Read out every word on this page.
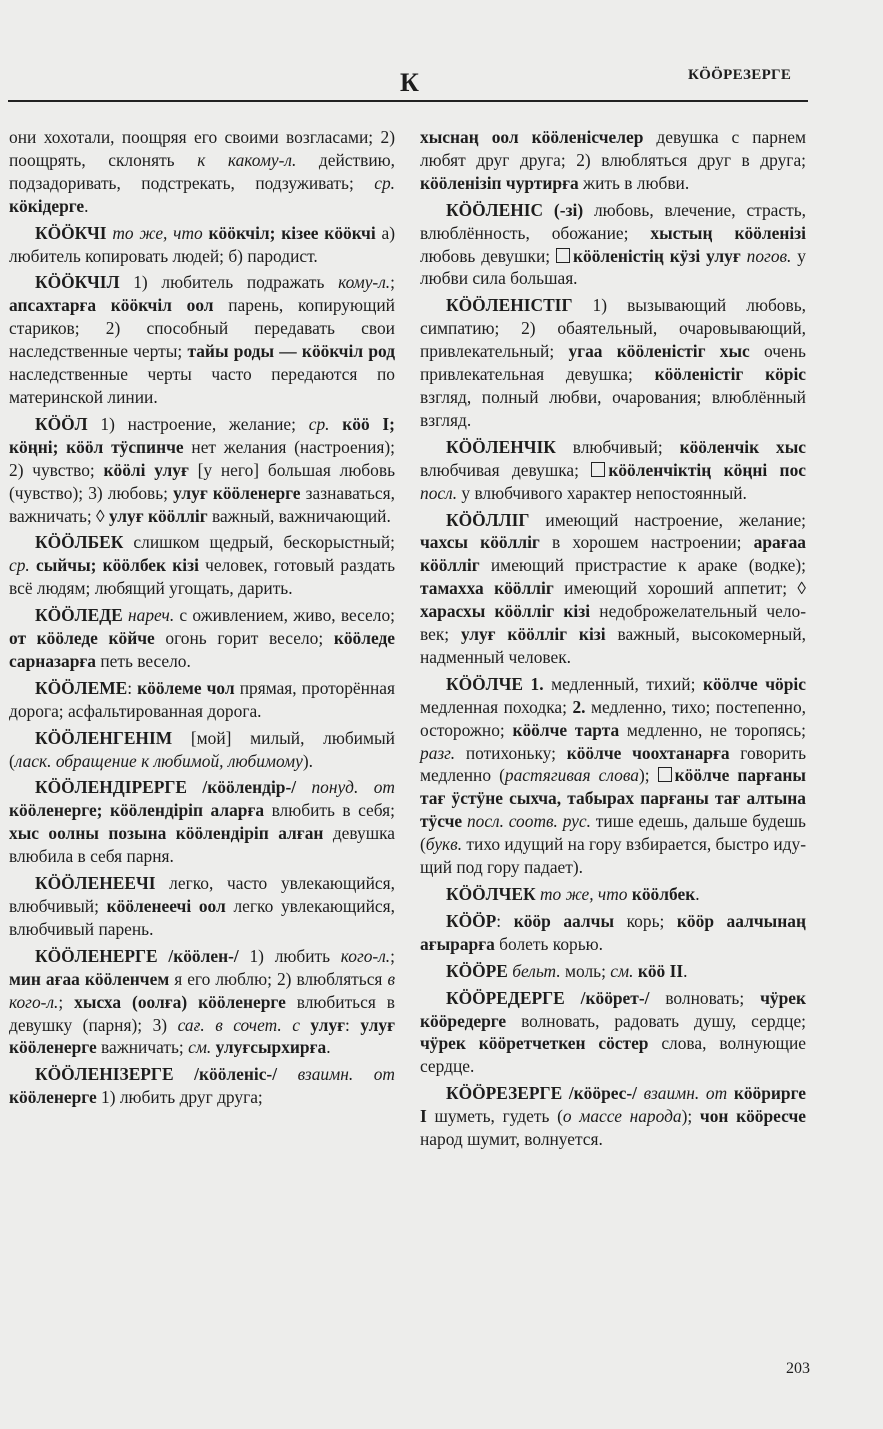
К	КӦӦРЕЗЕРГЕ

они хохотали, поощряя его своими возгласами; 2) поощрять, склонять к какому-л. действию, подзадоривать, подстрекать, подзуживать; ср. кӧкідерге.

КӦӦКЧІ то же, что кӧӧкчіл; кізее кӧӧкчі а) любитель копировать людей; б) пародист.

КӦӦКЧІЛ 1) любитель подражать кому-л.; апсахтарға кӧӧкчіл оол парень, копирующий стариков; 2) способный передавать свои наследственные черты; тайы роды — кӧӧкчіл род наследственные черты часто передаются по материнской линии.

КӦӦЛ 1) настроение, желание; ср. кӧӧ I; кӧңнi; кӧӧл тӱспинче нет желания (настроения); 2) чувство; кӧӧлі улуғ [у него] большая любовь (чувство); 3) любовь; улуғ кӧӧленерге зазнаваться, важничать; ◊ улуғ кӧӧлліг важный, важничающий.

КӦӦЛБЕК слишком щедрый, бескорыстный; ср. сыйчы; кӧӧлбек кізі человек, готовый раздать всё людям; любящий угощать, дарить.

КӦӦЛЕДЕ нареч. с оживлением, живо, весело; от кӧӧледе кӧйче огонь горит весело; кӧӧледе сарназарға петь весело.

КӦӦЛЕМЕ: кӧӧлеме чол прямая, проторённая дорога; асфальтированная дорога.

КӦӦЛЕНГЕНІМ [мой] милый, любимый (ласк. обращение к любимой, любимому).

КӦӦЛЕНДІРЕРГЕ /кӧӧлендір-/ понуд. от кӧӧленерге; кӧӧлендіріп аларға влюбить в себя; хыс оолны позына кӧӧлендіріп алған девушка влюбила в себя парня.

КӦӦЛЕНЕЕЧІ легко, часто увлекающийся, влюбчивый; кӧӧленеечі оол легко увлекающийся, влюбчивый парень.

КӦӦЛЕНЕРГЕ /кӧӧлен-/ 1) любить кого-л.; мин ағаа кӧӧленчем я его люблю; 2) влюбляться в кого-л.; хысха (оолға) кӧӧленерге влюбиться в девушку (парня); 3) сағ. в сочет. с улуғ: улуғ кӧӧленерге важничать; см. улуғсырхирға.

КӦӦЛЕНІЗЕРГЕ /кӧӧленіс-/ взаимн. от кӧӧленерге 1) любить друг друга;

хыснаң оол кӧӧленісчелер девушка с парнем любят друг друга; 2) влюбляться друг в друга; кӧӧленізіп чуртирға жить в любви.

КӦӦЛЕНІС (-зі) любовь, влечение, страсть, влюблённость, обожание; хыстың кӧӧленізі любовь девушки; кӧӧленістің кӱзі улуғ погов. у любви сила большая.

КӦӦЛЕНІСТІГ 1) вызывающий любовь, симпатию; 2) обаятельный, очаровывающий, привлекательный; угаа кӧӧленістіг хыс очень привлекательная девушка; кӧӧленістіг кӧріс взгляд, полный любви, очарования; влюблённый взгляд.

КӦӦЛЕНЧІК влюбчивый; кӧӧленчік хыс влюбчивая девушка; кӧӧленчіктің кӧңнi пос посл. у влюбчивого характер непостоянный.

КӦӦЛЛІГ имеющий настроение, желание; чахсы кӧӧлліг в хорошем настроении; арағаа кӧӧлліг имеющий пристрастие к араке (водке); тамахха кӧӧлліг имеющий хороший аппетит; ◊ харасхы кӧӧлліг кізі недоброжелательный человек; улуғ кӧӧлліг кізі важный, высокомерный, надменный человек.

КӦӦЛЧЕ 1. медленный, тихий; кӧӧлче чӧріс медленная походка; 2. медленно, тихо; постепенно, осторожно; кӧӧлче тарта медленно, не торопясь; разг. потихоньку; кӧӧлче чоохтанарға говорить медленно (растягивая слова); кӧӧлче парғаны тағ ӱстӱне сыхча, табырах парғаны тағ алтына тӱсче посл. соотв. рус. тише едешь, дальше будешь (букв. тихо идущий на гору взбирается, быстро идущий под гору падает).

КӦӦЛЧЕК то же, что кӧӧлбек.

КӦӦР: кӧӧр аалчы корь; кӧӧр аалчынаң ағырарға болеть корью.

КӦӦРЕ бельт. моль; см. кӧӧ II.

КӦӦРЕДЕРГЕ /кӧӧрет-/ волновать; чӱрек кӧӧредерге волновать, радовать душу, сердце; чӱрек кӧӧретчеткен сӧстер слова, волнующие сердце.

КӦӦРЕЗЕРГЕ /кӧӧрес-/ взаимн. от кӧӧрирге I шуметь, гудеть (о массе народа); чон кӧӧресче народ шумит, волнуется.

203
